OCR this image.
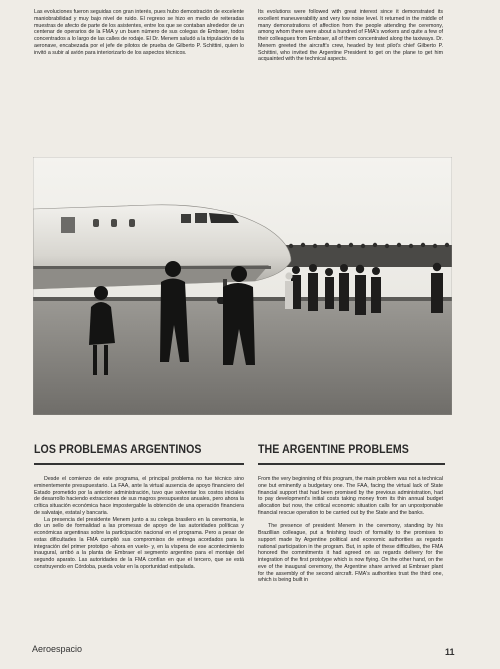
Las evoluciones fueron seguidas con gran interés, pues hubo demostración de excelente maniobrabilidad y muy bajo nivel de ruido. El regreso se hizo en medio de reiteradas muestras de afecto de parte de los asistentes, entre los que se contaban alrededor de un centenar de operarios de la FMA y un buen número de sus colegas de Embraer, todos concentrados a lo largo de las calles de rodaje. El Dr. Menem saludó a la tripulación de la aeronave, encabezada por el jefe de pilotos de prueba de Gilberto P. Schittini, quien lo invitó a subir al avión para interiorizarlo de los aspectos técnicos.

Its evolutions were followed with great interest since it demonstrated its excellent maneuverability and very low noise level. It returned in the middle of many demonstrations of affection from the people attending the ceremony, among whom there were about a hundred of FMA's workers and quite a few of their colleagues from Embraer, all of them concentrated along the taxiways. Dr. Menem greeted the aircraft's crew, headed by test pilot's chief Gilberto P. Schittini, who invited the Argentine President to get on the plane to get him acquainted with the technical aspects.

LOS PROBLEMAS ARGENTINOS	THE ARGENTINE PROBLEMS

Desde el comienzo de este programa, el principal problema no fue técnico sino eminentemente presupuestario. La FAA, ante la virtual ausencia de apoyo financiero del Estado prometido por la anterior administración, tuvo que solventar los costos iniciales de desarrollo haciendo extracciones de sus magros presupuestos anuales, pero ahora la crítica situación económica hace impostergable la obtención de una operación financiera de salvataje, estatal y bancaria.

La presencia del presidente Menem junto a su colega brasilero en la ceremonia, le dio un sello de formalidad a las promesas de apoyo de las autoridades políticas y económicas argentinas sobre la participación nacional en el programa. Pero a pesar de estas dificultades la FMA cumplió sus compromisos de entrega acordados para la integración del primer prototipo -ahora en vuelo- y, en la víspera de ese acontecimiento inaugural, arribó a la planta de Embraer el segmento argentino para el montaje del segundo aparato. Las autoridades de la FMA confían en que el tercero, que se está construyendo en Córdoba, pueda volar en la oportunidad estipulada.

From the very beginning of this program, the main problem was not a technical one but eminently a budgetary one. The FAA, facing the virtual lack of State financial support that had been promised by the previous administration, had to pay development's initial costs taking money from its thin annual budget allocation but now, the critical economic situation calls for an unpostponable financial rescue operation to be carried out by the State and the banks.

The presence of president Menem in the ceremony, standing by his Brazillian colleague, put a finishing touch of formality to the promises to support made by Argentine political and economic authorities as regards national participation in the program. But, in spite of these difficulties, the FMA honored the commitments it had agreed on as regards delivery for the integration of the first prototype which is now flying. On the other hand, on the eve of the inaugural ceremony, the Argentine share arrived at Embraer plant for the assembly of the second aircraft. FMA's authorities trust the third one, which is being built in

Aeroespacio	11
